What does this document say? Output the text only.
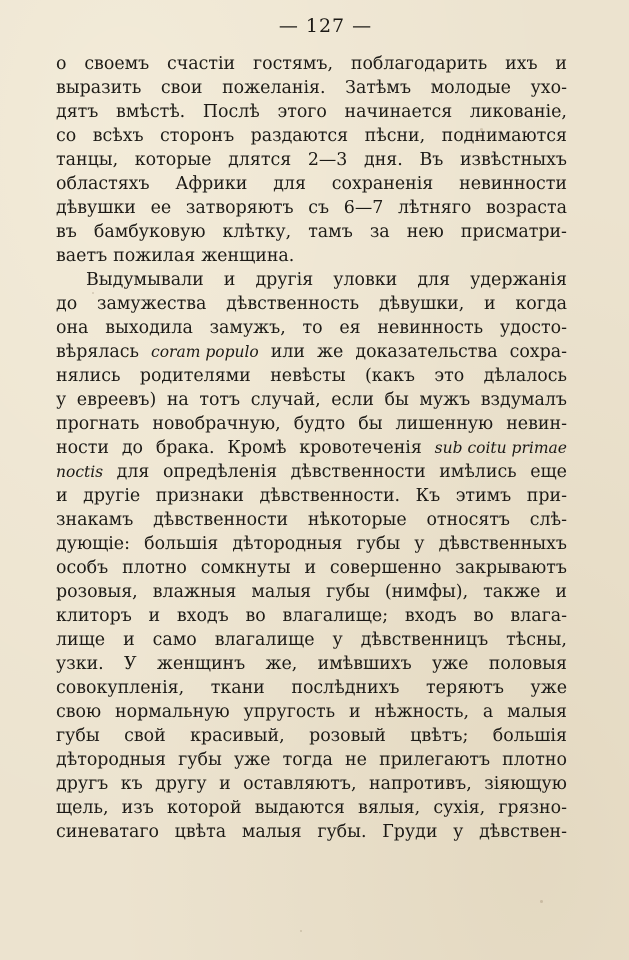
— 127 —
о своемъ счастіи гостямъ, поблагодарить ихъ и
выразить свои пожеланія. Затѣмъ молодые ухо-
дятъ вмѣстѣ. Послѣ этого начинается ликованіе,
со всѣхъ сторонъ раздаются пѣсни, поднимаются
танцы, которые длятся 2—3 дня. Въ извѣстныхъ
областяхъ Африки для сохраненія невинности
дѣвушки ее затворяютъ съ 6—7 лѣтняго возраста
въ бамбуковую клѣтку, тамъ за нею присматри-
ваетъ пожилая женщина.
Выдумывали и другія уловки для удержанія
до замужества дѣвственность дѣвушки, и когда
она выходила замужъ, то ея невинность удосто-
вѣрялась coram populo или же доказательства сохра-
нялись родителями невѣсты (какъ это дѣлалось
у евреевъ) на тотъ случай, если бы мужъ вздумалъ
прогнать новобрачную, будто бы лишенную невин-
ности до брака. Кромѣ кровотеченія sub coitu primae
noctis для опредѣленія дѣвственности имѣлись еще
и другіе признаки дѣвственности. Къ этимъ при-
знакамъ дѣвственности нѣкоторые относятъ слѣ-
дующіе: большія дѣтородныя губы у дѣвственныхъ
особъ плотно сомкнуты и совершенно закрываютъ
розовыя, влажныя малыя губы (нимфы), также и
клиторъ и входъ во влагалище; входъ во влага-
лище и само влагалище у дѣвственницъ тѣсны,
узки. У женщинъ же, имѣвшихъ уже половыя
совокупленія, ткани послѣднихъ теряютъ уже
свою нормальную упругость и нѣжность, а малыя
губы свой красивый, розовый цвѣтъ; большія
дѣтородныя губы уже тогда не прилегаютъ плотно
другъ къ другу и оставляютъ, напротивъ, зіяющую
щель, изъ которой выдаются вялыя, сухія, грязно-
синеватаго цвѣта малыя губы. Груди у дѣвствен-
